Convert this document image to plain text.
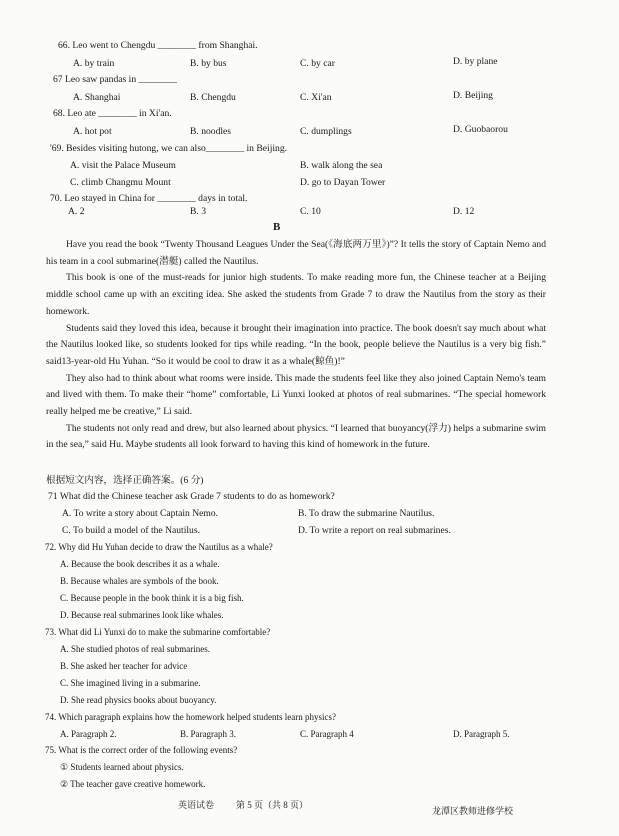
66. Leo went to Chengdu ________ from Shanghai.
A. by train	B. by bus	C. by car	D. by plane
67 Leo saw pandas in ________
A. Shanghai	B. Chengdu	C. Xi'an	D. Beijing
68. Leo ate ________ in Xi'an.
A. hot pot	B. noodles	C. dumplings	D. Guobaorou
'69. Besides visiting hutong, we can also________ in Beijing.
A. visit the Palace Museum	B. walk along the sea
C. climb Changmu Mount	D. go to Dayan Tower
70. Leo stayed in China for ________ days in total.
A. 2	B. 3	C. 10	D. 12
B

Have you read the book “Twenty Thousand Leagues Under the Sea(《海底两万里》)”? It tells the story of Captain Nemo and his team in a cool submarine(潜艇) called the Nautilus.

This book is one of the must-reads for junior high students. To make reading more fun, the Chinese teacher at a Beijing middle school came up with an exciting idea. She asked the students from Grade 7 to draw the Nautilus from the story as their homework.

Students said they loved this idea, because it brought their imagination into practice. The book doesn't say much about what the Nautilus looked like, so students looked for tips while reading. “In the book, people believe the Nautilus is a very big fish.” said13-year-old Hu Yuhan. “So it would be cool to draw it as a whale(鲸鱼)!”

They also had to think about what rooms were inside. This made the students feel like they also joined Captain Nemo's team and lived with them. To make their “home” comfortable, Li Yunxi looked at photos of real submarines. “The special homework really helped me be creative,” Li said.

The students not only read and drew, but also learned about physics. “I learned that buoyancy(浮力) helps a submarine swim in the sea,” said Hu. Maybe students all look forward to having this kind of homework in the future.

根据短文内容，选择正确答案。(6 分)
71 What did the Chinese teacher ask Grade 7 students to do as homework?
A. To write a story about Captain Nemo.	B. To draw the submarine Nautilus.
C. To build a model of the Nautilus.	D. To write a report on real submarines.
72. Why did Hu Yuhan decide to draw the Nautilus as a whale?
A. Because the book describes it as a whale.
B. Because whales are symbols of the book.
C. Because people in the book think it is a big fish.
D. Because real submarines look like whales.
73. What did Li Yunxi do to make the submarine comfortable?
A. She studied photos of real submarines.
B. She asked her teacher for advice
C. She imagined living in a submarine.
D. She read physics books about buoyancy.
74. Which paragraph explains how the homework helped students learn physics?
A. Paragraph 2.	B. Paragraph 3.	C. Paragraph 4	D. Paragraph 5.
75. What is the correct order of the following events?
① Students learned about physics.
② The teacher gave creative homework.
英语试卷 第 5 页（共 8 页）
龙潭区教师进修学校
